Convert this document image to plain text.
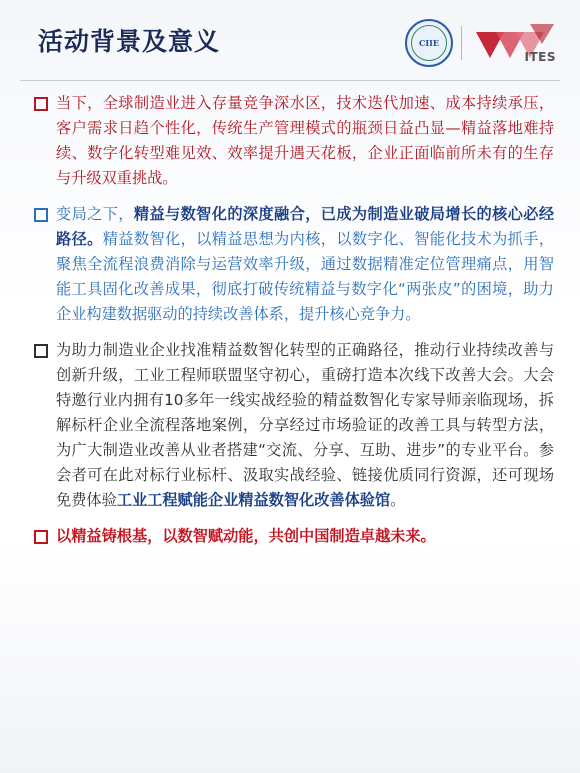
活动背景及意义	CIIE
ITES
当下，全球制造业进入存量竞争深水区，技术迭代加速、成本持续承压，客户需求日趋个性化，传统生产管理模式的瓶颈日益凸显—精益落地难持续、数字化转型难见效、效率提升遇天花板，企业正面临前所未有的生存与升级双重挑战。
变局之下，精益与数智化的深度融合，已成为制造业破局增长的核心必经路径。精益数智化，以精益思想为内核，以数字化、智能化技术为抓手，聚焦全流程浪费消除与运营效率升级，通过数据精准定位管理痛点，用智能工具固化改善成果，彻底打破传统精益与数字化“两张皮”的困境，助力企业构建数据驱动的持续改善体系，提升核心竞争力。
为助力制造业企业找准精益数智化转型的正确路径，推动行业持续改善与创新升级，工业工程师联盟坚守初心，重磅打造本次线下改善大会。大会特邀行业内拥有10多年一线实战经验的精益数智化专家导师亲临现场，拆解标杆企业全流程落地案例，分享经过市场验证的改善工具与转型方法，为广大制造业改善从业者搭建“交流、分享、互助、进步”的专业平台。参会者可在此对标行业标杆、汲取实战经验、链接优质同行资源，还可现场免费体验工业工程赋能企业精益数智化改善体验馆。
以精益铸根基，以数智赋动能，共创中国制造卓越未来。
